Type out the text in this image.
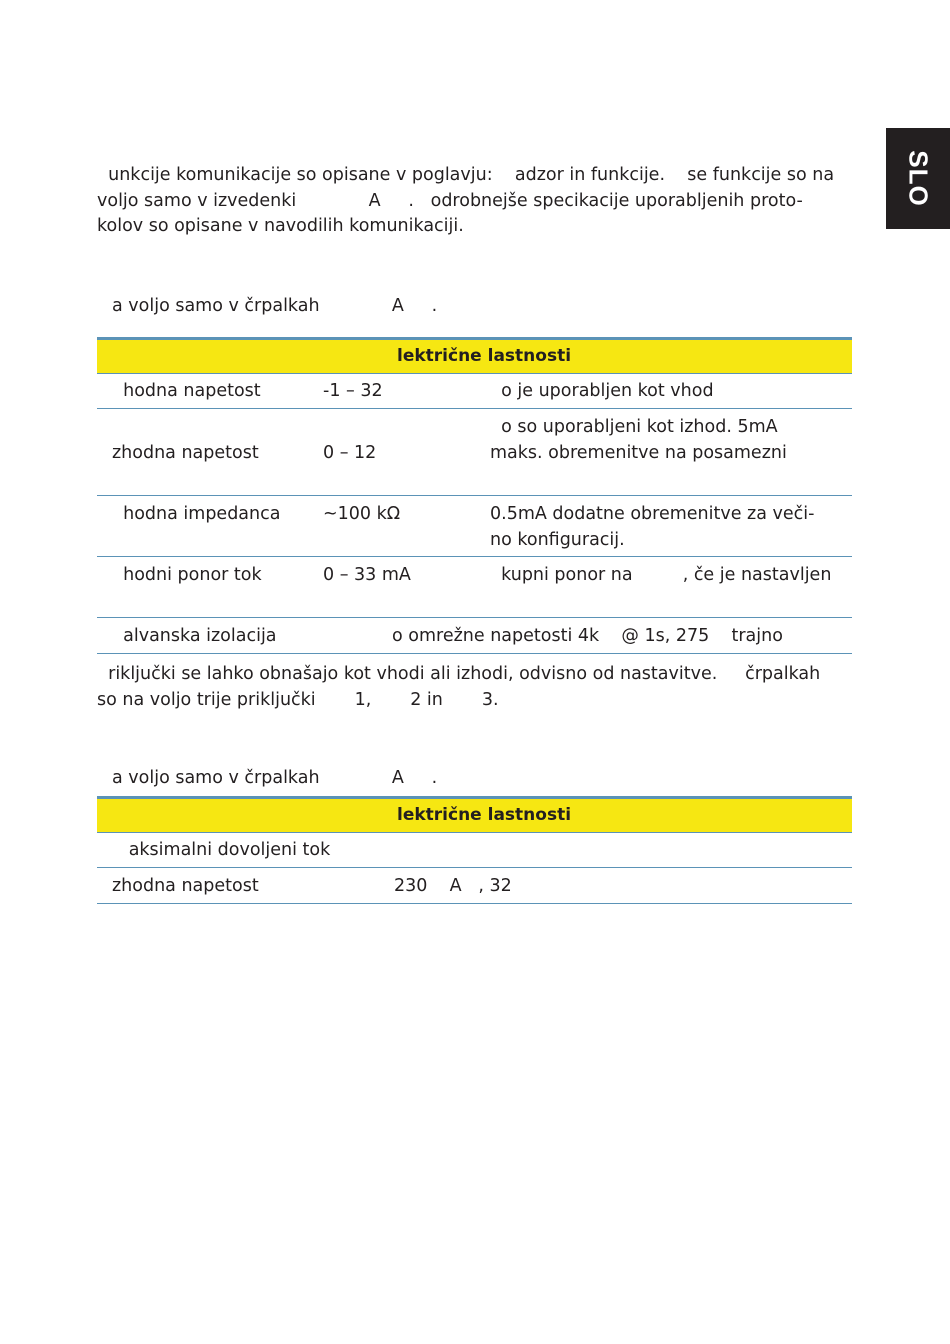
SLO
unkcije komunikacije so opisane v poglavju:    adzor in funkcije.    se funkcije so na
voljo samo v izvedenki             A     .   odrobnejše specikacije uporabljenih proto-
kolov so opisane v navodilih komunikaciji.
a voljo samo v črpalkah             A     .
lektrične lastnosti
hodna napetost	-1 – 32	o je uporabljen kot vhod
zhodna napetost	0 – 12
o so uporabljeni kot izhod. 5mA
maks. obremenitve na posamezni
hodna impedanca ~100 kΩ	0.5mA dodatne obremenitve za veči-
no konfiguracij.
hodni ponor tok	0 – 33 mA	kupni ponor na         , če je nastavljen
alvanska izolacija	o omrežne napetosti 4k    @ 1s, 275    trajno
riključki se lahko obnašajo kot vhodi ali izhodi, odvisno od nastavitve.     črpalkah
so na voljo trije priključki       1,       2 in       3.
a voljo samo v črpalkah             A     .
lektrične lastnosti
aksimalni dovoljeni tok
zhodna napetost	230    A   , 32
